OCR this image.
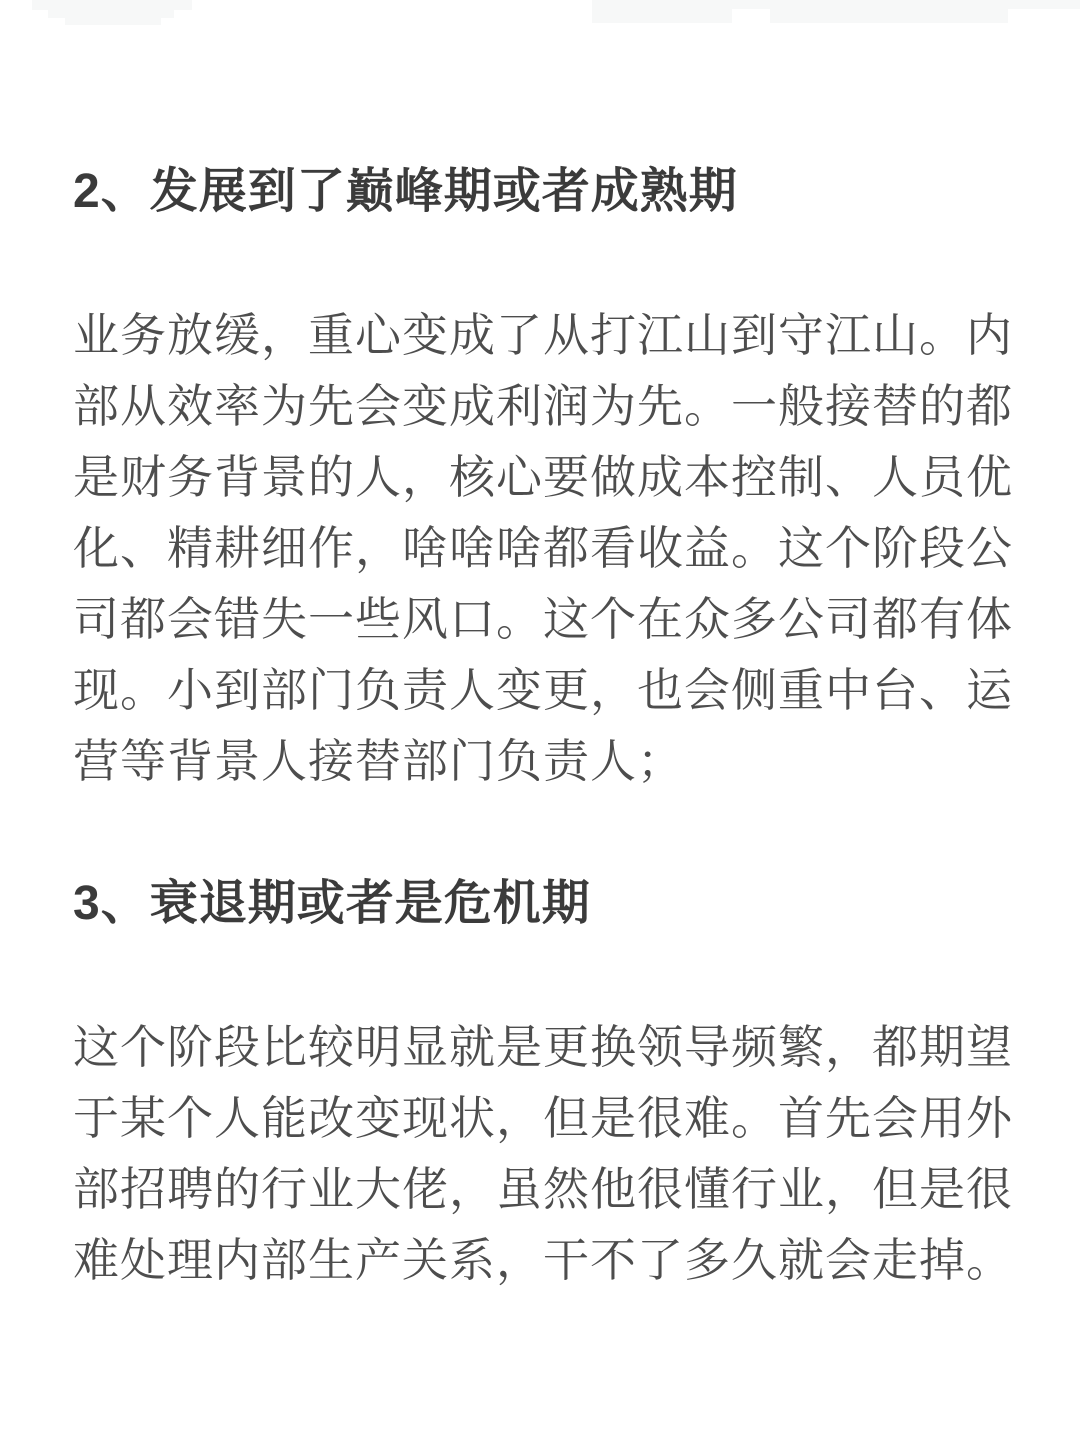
2、发展到了巅峰期或者成熟期

业务放缓，重心变成了从打江山到守江山。内
部从效率为先会变成利润为先。一般接替的都
是财务背景的人，核心要做成本控制、人员优
化、精耕细作，啥啥啥都看收益。这个阶段公
司都会错失一些风口。这个在众多公司都有体
现。小到部门负责人变更，也会侧重中台、运
营等背景人接替部门负责人；

3、衰退期或者是危机期

这个阶段比较明显就是更换领导频繁，都期望
于某个人能改变现状，但是很难。首先会用外
部招聘的行业大佬，虽然他很懂行业，但是很
难处理内部生产关系，干不了多久就会走掉。
